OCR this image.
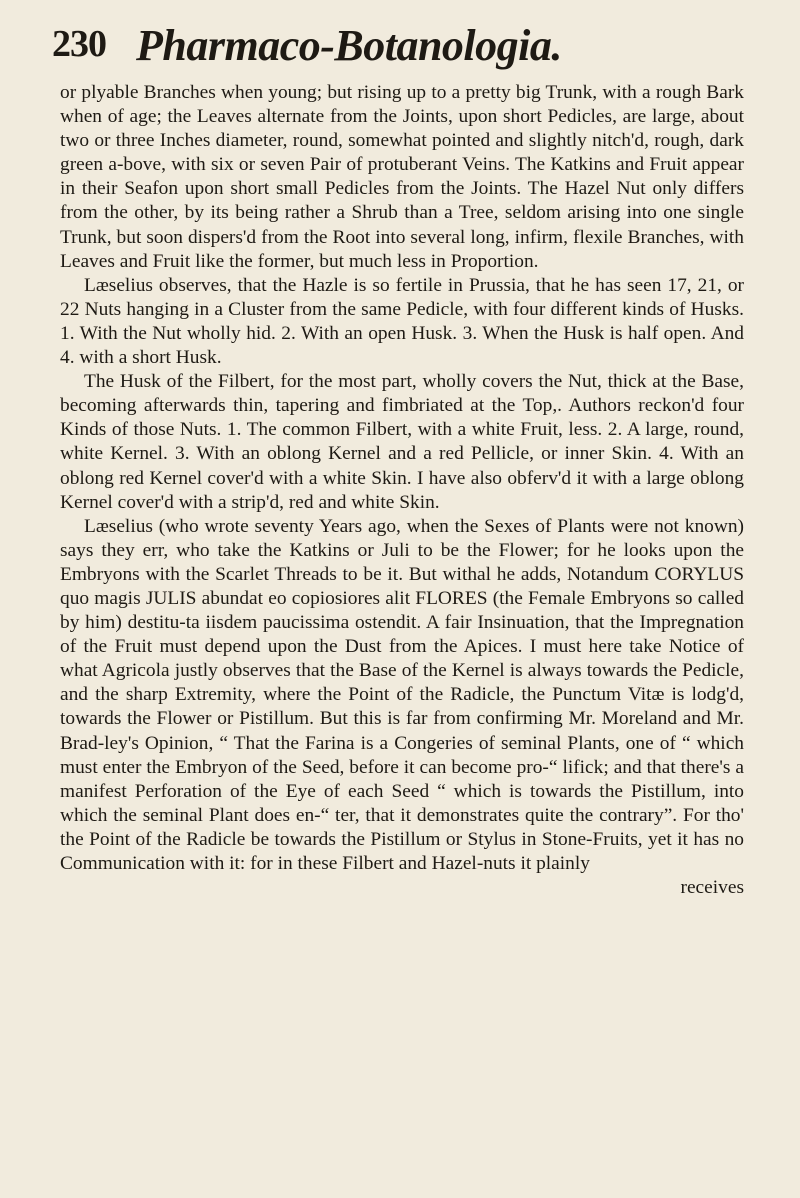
230 Pharmaco-Botanologia.

or plyable Branches when young; but rising up to a pretty big Trunk, with a rough Bark when of age; the Leaves alternate from the Joints, upon short Pedicles, are large, about two or three Inches diameter, round, somewhat pointed and slightly nitch'd, rough, dark green a-bove, with six or seven Pair of protuberant Veins. The Katkins and Fruit appear in their Seafon upon short small Pedicles from the Joints. The Hazel Nut only differs from the other, by its being rather a Shrub than a Tree, seldom arising into one single Trunk, but soon dispers'd from the Root into several long, infirm, flexile Branches, with Leaves and Fruit like the former, but much less in Proportion.

Læselius observes, that the Hazle is so fertile in Prussia, that he has seen 17, 21, or 22 Nuts hanging in a Cluster from the same Pedicle, with four different kinds of Husks. 1. With the Nut wholly hid. 2. With an open Husk. 3. When the Husk is half open. And 4. with a short Husk.

The Husk of the Filbert, for the most part, wholly covers the Nut, thick at the Base, becoming afterwards thin, tapering and fimbriated at the Top,. Authors reckon'd four Kinds of those Nuts. 1. The common Filbert, with a white Fruit, less. 2. A large, round, white Kernel. 3. With an oblong Kernel and a red Pellicle, or inner Skin. 4. With an oblong red Kernel cover'd with a white Skin. I have also obferv'd it with a large oblong Kernel cover'd with a strip'd, red and white Skin.

Læselius (who wrote seventy Years ago, when the Sexes of Plants were not known) says they err, who take the Katkins or Juli to be the Flower; for he looks upon the Embryons with the Scarlet Threads to be it. But withal he adds, Notandum CORYLUS quo magis JULIS abundat eo copiosiores alit FLORES (the Female Embryons so called by him) destitu-ta iisdem paucissima ostendit. A fair Insinuation, that the Impregnation of the Fruit must depend upon the Dust from the Apices. I must here take Notice of what Agricola justly observes that the Base of the Kernel is always towards the Pedicle, and the sharp Extremity, where the Point of the Radicle, the Punctum Vitæ is lodg'd, towards the Flower or Pistillum. But this is far from confirming Mr. Moreland and Mr. Brad-ley's Opinion, “ That the Farina is a Congeries of seminal Plants, one of “ which must enter the Embryon of the Seed, before it can become pro-“ lifick; and that there's a manifest Perforation of the Eye of each Seed “ which is towards the Pistillum, into which the seminal Plant does en-“ ter, that it demonstrates quite the contrary”. For tho' the Point of the Radicle be towards the Pistillum or Stylus in Stone-Fruits, yet it has no Communication with it: for in these Filbert and Hazel-nuts it plainly

receives
